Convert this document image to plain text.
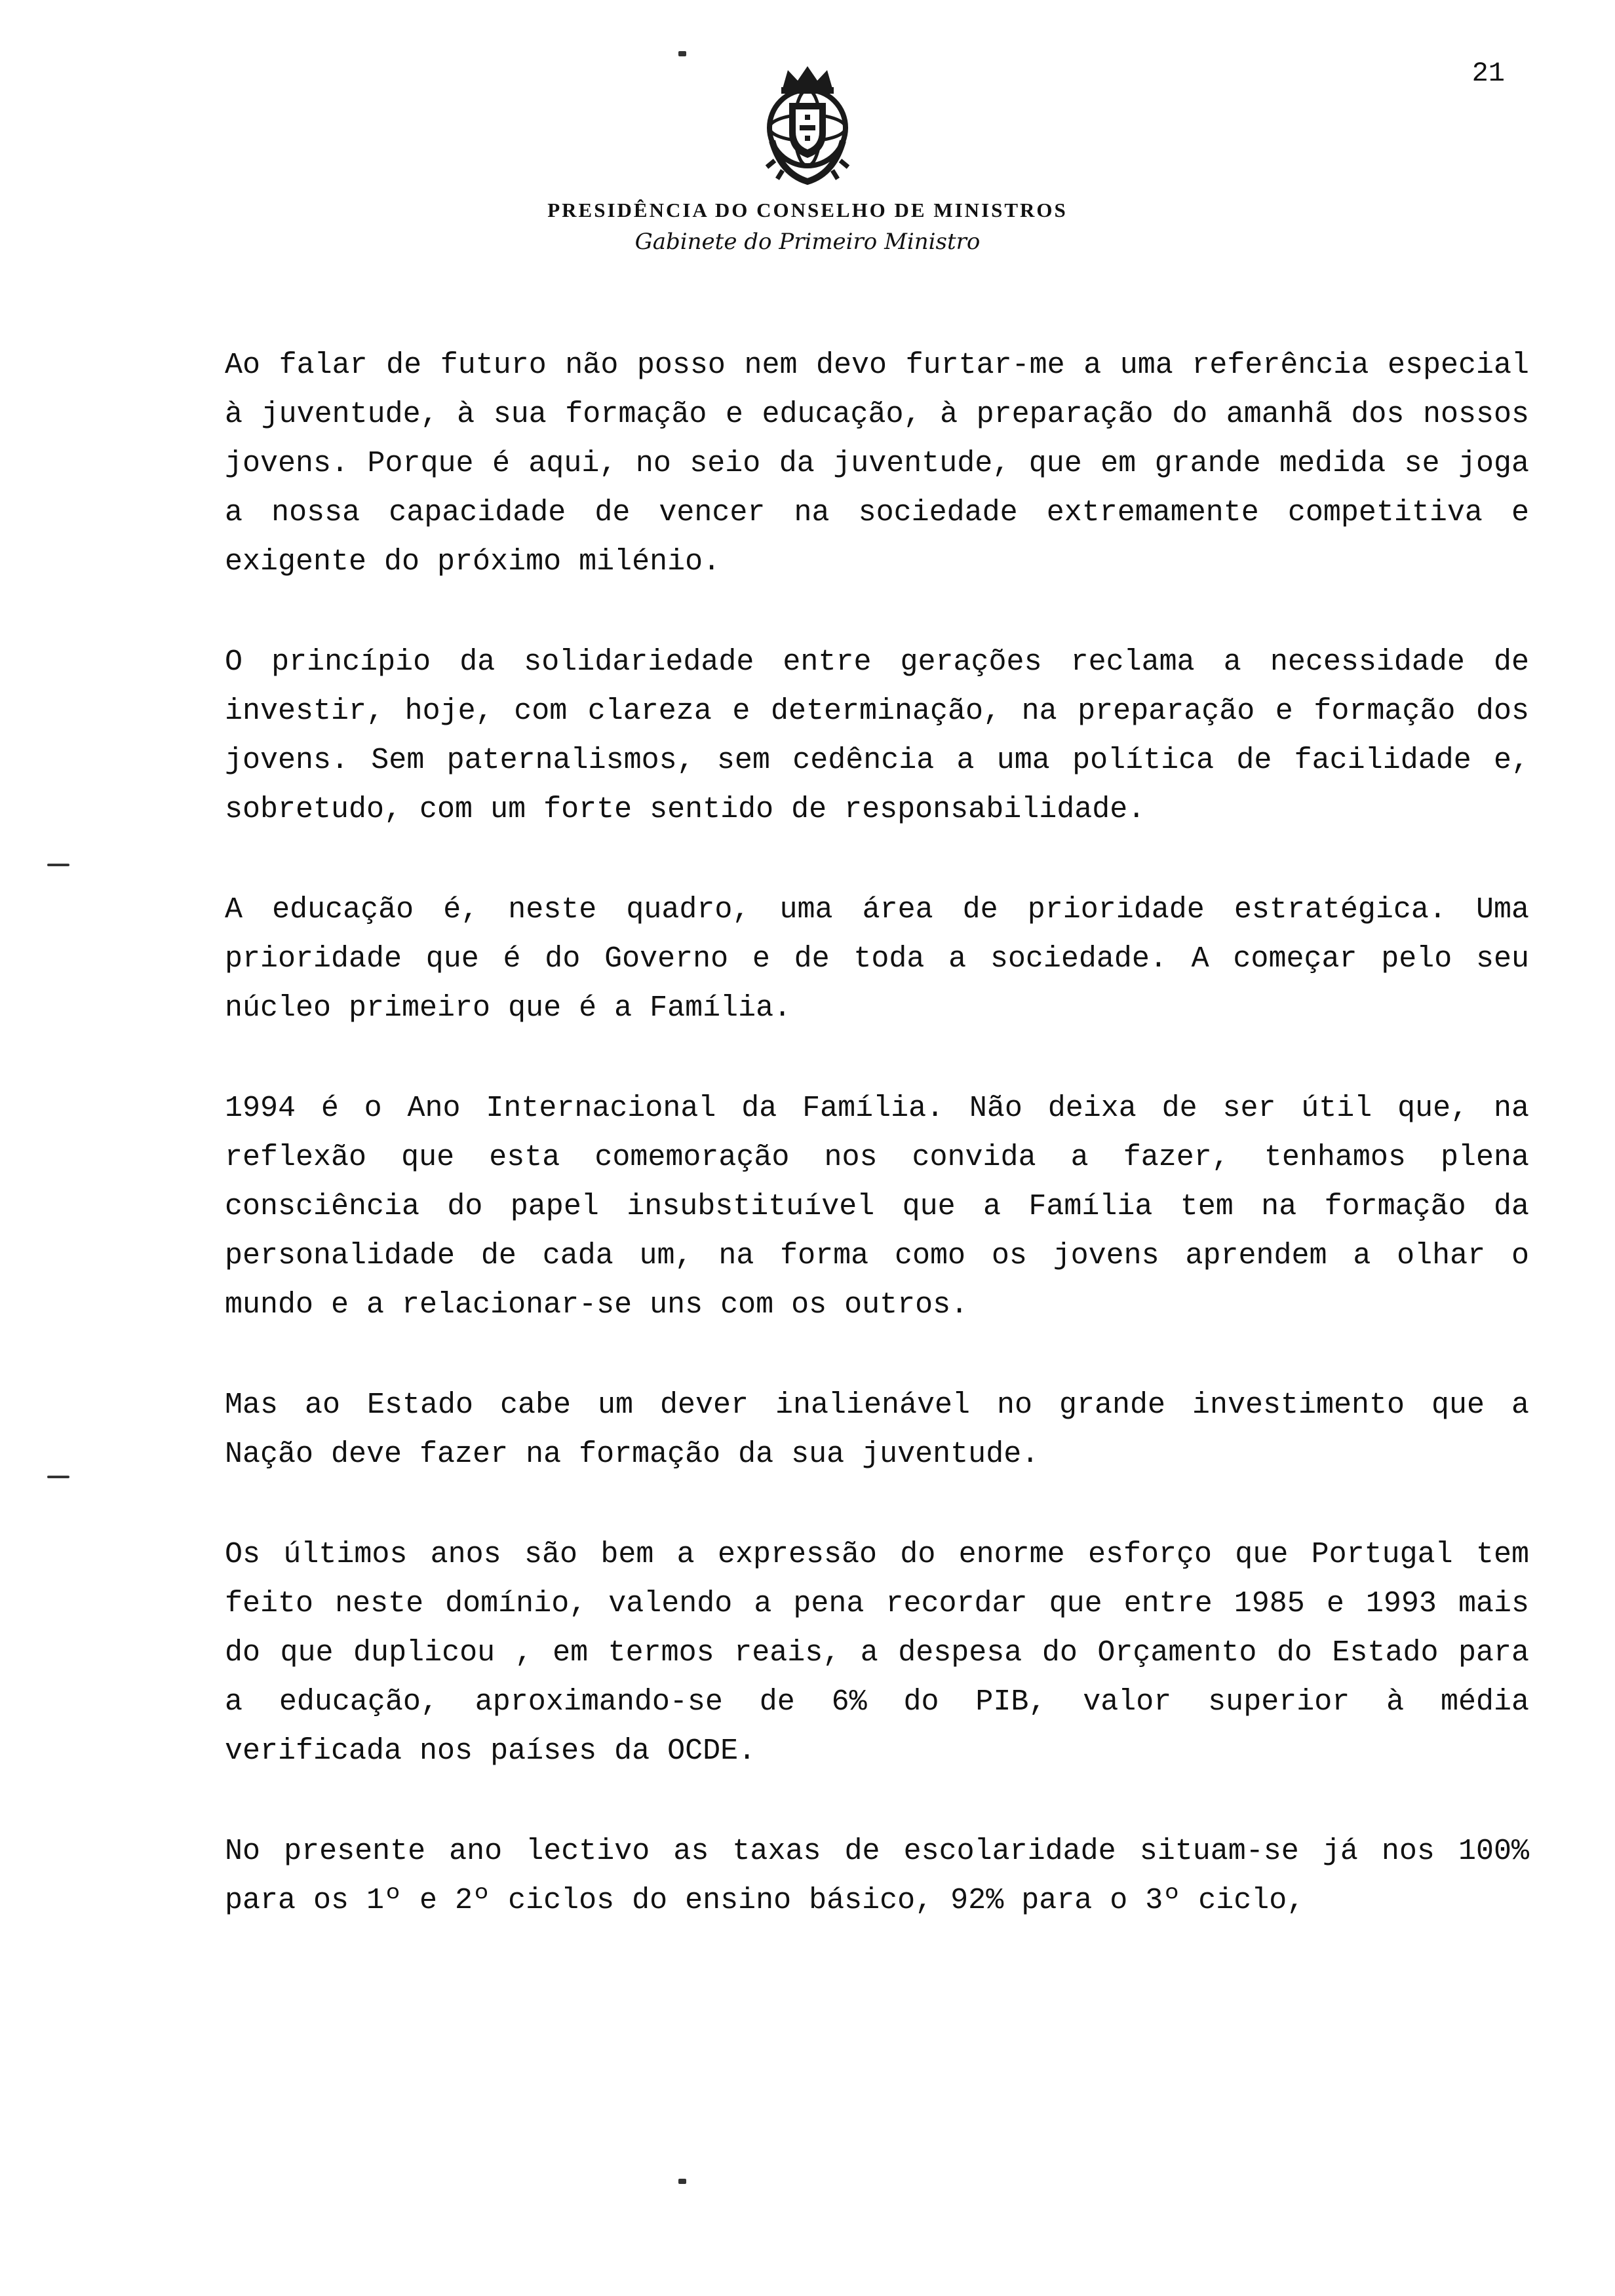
21
PRESIDÊNCIA DO CONSELHO DE MINISTROS
Gabinete do Primeiro Ministro

Ao falar de futuro não posso nem devo furtar-me a uma referência especial à juventude, à sua formação e educação, à preparação do amanhã dos nossos jovens. Porque é aqui, no seio da juventude, que em grande medida se joga a nossa capacidade de vencer na sociedade extremamente competitiva e exigente do próximo milénio.

O princípio da solidariedade entre gerações reclama a necessidade de investir, hoje, com clareza e determinação, na preparação e formação dos jovens. Sem paternalismos, sem cedência a uma política de facilidade e, sobretudo, com um forte sentido de responsabilidade.

A educação é, neste quadro, uma área de prioridade estratégica. Uma prioridade que é do Governo e de toda a sociedade. A começar pelo seu núcleo primeiro que é a Família.

1994 é o Ano Internacional da Família. Não deixa de ser útil que, na reflexão que esta comemoração nos convida a fazer, tenhamos plena consciência do papel insubstituível que a Família tem na formação da personalidade de cada um, na forma como os jovens aprendem a olhar o mundo e a relacionar-se uns com os outros.

Mas ao Estado cabe um dever inalienável no grande investimento que a Nação deve fazer na formação da sua juventude.

Os últimos anos são bem a expressão do enorme esforço que Portugal tem feito neste domínio, valendo a pena recordar que entre 1985 e 1993 mais do que duplicou , em termos reais, a despesa do Orçamento do Estado para a educação, aproximando-se de 6% do PIB, valor superior à média verificada nos países da OCDE.

No presente ano lectivo as taxas de escolaridade situam-se já nos 100% para os 1º e 2º ciclos do ensino básico, 92% para o 3º ciclo,
